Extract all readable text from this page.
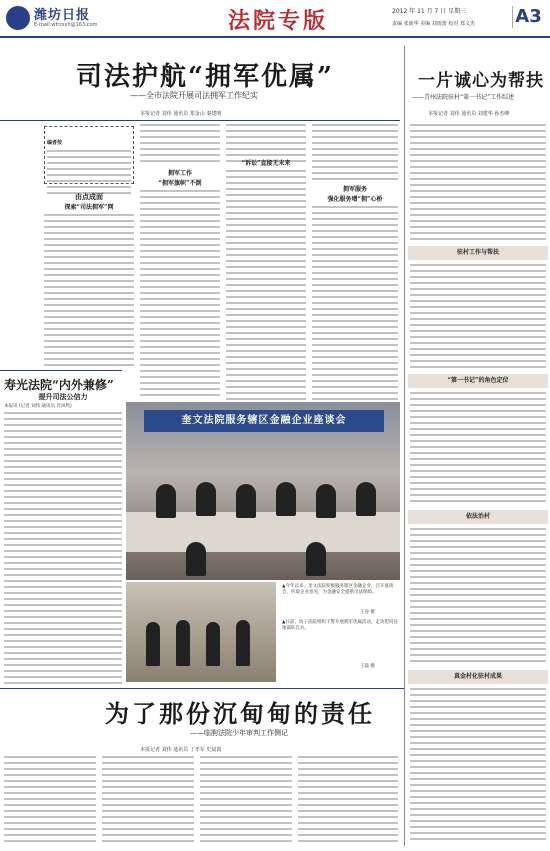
潍坊日报
E-mail:wfrzsxh@163.com	法院专版	2012 年 11 月 7 日 星期三
责编 张新华 美编 刘雨蕾 校对 郑义杰 A3
司法护航“拥军优属”
——全市法院开展司法拥军工作纪实
本报记者 刘伟 通讯员 郑金山 秦建明
一片诚心为帮扶
——青州法院驻村“第一书记”工作综述
本报记者 刘伟 通讯员 刘建华 孙杰峰
编者按
由点成面
探索“司法拥军”网
拥军工作
“拥军旗帜”不倒
“诉讼”直接无未来
拥军服务
强化服务增“拥”心桥
寿光法院“内外兼修”
提升司法公信力
本报讯 (记者 刘伟 通讯员 肖凤鸣)
奎文法院服务辖区金融企业座谈会
▲今年以来，奎文法院积极服务辖区金融企业，召开座谈会，听取企业意见，为金融安全提供司法保障。
王涛 摄
▲日前，坊子法院组织干警开展拥军优属活动，走访慰问驻地部队官兵。
王磊 摄
驻村工作与帮扶
“第一书记”的角色定位
依法治村
真金村化驻村成果
为了那份沉甸甸的责任
——临朐法院少年审判工作侧记
本报记者 刘伟 通讯员 丁孝军 史晨霞
